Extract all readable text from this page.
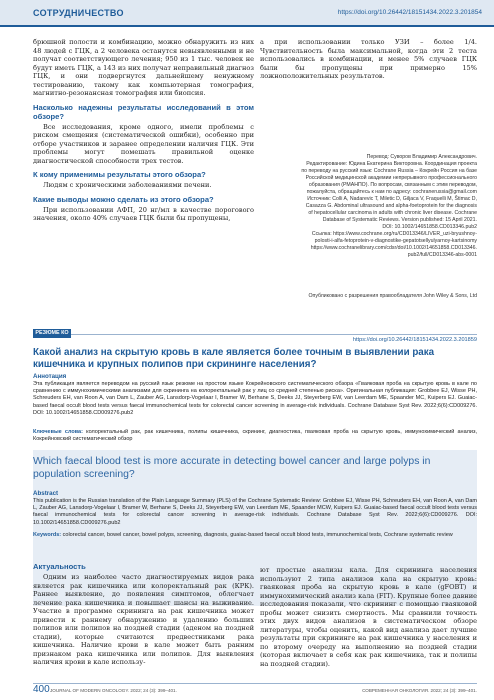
СОТРУДНИЧЕСТВО	https://doi.org/10.26442/18151434.2022.3.201854

брюшной полости и комбинацию, можно обнаружить из них 48 людей с ГЦК, а 2 человека останутся невыявленными и не получат соответствующего лечения; 950 из 1 тыс. человек не будут иметь ГЦК, а 143 из них получат неправильный диагноз ГЦК, и они подвергнутся дальнейшему ненужному тестированию, такому как компьютерная томография, магнитно-резонансная томография или биопсия.

Насколько надежны результаты исследований в этом обзоре?

Все исследования, кроме одного, имели проблемы с риском смещения (систематической ошибки), особенно при отборе участников и заранее определении наличия ГЦК. Эти проблемы могут помешать правильной оценке диагностической способности трех тестов.

К кому применимы результаты этого обзора?

Людям с хроническими заболеваниями печени.

Какие выводы можно сделать из этого обзора?

При использовании АФП, 20 нг/мл в качестве порогового значения, около 40% случаев ГЦК были бы пропущены,

а при использовании только УЗИ – более 1/4. Чувствительность была максимальной, когда эти 2 теста использовались в комбинации, и менее 5% случаев ГЦК были бы пропущены при примерно 15% ложноположительных результатов.

Перевод: Суворов Владимир Александрович.
Редактирование: Юдина Екатерина Викторовна. Координация проекта
по переводу на русский язык: Cochrane Russia – Кокрейн Россия на базе
Российской медицинской академии непрерывного профессионального
образования (РМАНПО). По вопросам, связанным с этим переводом,
пожалуйста, обращайтесь к нам по адресу: cochranerussia@gmail.com
Источник: Colli A, Nadarevic T, Miletic D, Giljaca V, Fraquelli M, Štimac D,
Casazza G. Abdominal ultrasound and alpha-foetoprotein for the diagnosis
of hepatocellular carcinoma in adults with chronic liver disease. Cochrane
Database of Systematic Reviews. Version published: 15 April 2021.
DOI: 10.1002/14651858.CD013346.pub2
Ссылка: https://www.cochrane.org/ru/CD013346/LIVER_uzi-bryushnoy-
polosti-i-alfa-fetoprotein-v-diagnostike-gepatotsellyulyarnoy-kartsinomy
https://www.cochranelibrary.com/cdsr/doi/10.1002/14651858.CD013346.
pub2/full/CD013346-abs-0001
Опубликовано с разрешения правообладателя John Wiley & Sons, Ltd
РЕЗЮМЕ КО
https://doi.org/10.26442/18151434.2022.3.201859
Какой анализ на скрытую кровь в кале является более точным в выявлении рака кишечника и крупных полипов при скрининге населения?
Аннотация
Эта публикация является переводом на русский язык резюме на простом языке Кокрейновского систематического обзора «Гваяковая проба на скрытую кровь в кале по сравнению с иммунохимическими анализами для скрининга на колоректальный рак у лиц со средней степенью риска». Оригинальная публикация: Grobbee EJ, Wisse PH, Schreuders EH, van Roon A, van Dam L, Zauber AG, Lansdorp-Vogelaar I, Bramer W, Berhane S, Deeks JJ, Steyerberg EW, van Leerdam ME, Spaander MC, Kuipers EJ. Guaiac-based faecal occult blood tests versus faecal immunochemical tests for colorectal cancer screening in average-risk individuals. Cochrane Database Syst Rev. 2022;6(6):CD009276. DOI: 10.1002/14651858.CD009276.pub2
Ключевые слова: колоректальный рак, рак кишечника, полипы кишечника, скрининг, диагностика, гваяковая проба на скрытую кровь, иммунохимический анализ, Кокрейновский систематический обзор
Which faecal blood test is more accurate in detecting bowel cancer and large polyps in population screening?
Abstract
This publication is the Russian translation of the Plain Language Summary (PLS) of the Cochrane Systematic Review: Grobbee EJ, Wisse PH, Schreuders EH, van Roon A, van Dam L, Zauber AG, Lansdorp-Vogelaar I, Bramer W, Berhane S, Deeks JJ, Steyerberg EW, van Leerdam ME, Spaander MCW, Kuipers EJ. Guaiac-based faecal occult blood tests versus faecal immunochemical tests for colorectal cancer screening in average-risk individuals. Cochrane Database Syst Rev. 2022;6(6):CD009276. DOI: 10.1002/14651858.CD009276.pub2
Keywords: colorectal cancer, bowel cancer, bowel polyps, screening, diagnosis, guaiac-based faecal occult blood tests, immunochemical tests, Cochrane systematic review
Актуальность

Одним из наиболее часто диагностируемых видов рака является рак кишечника или колоректальный рак (КРК). Раннее выявление, до появления симптомов, облегчает лечение рака кишечника и повышает шансы на выживание. Участие в программе скрининга на рак кишечника может привести к раннему обнаружению и удалению больших полипов или полипов на поздней стадии (аденом на поздней стадии), которые считаются предвестниками рака кишечника. Наличие крови в кале может быть ранним признаком рака кишечника или полипов. Для выявления наличия крови в кале использу-

ют простые анализы кала. Для скрининга населения используют 2 типа анализов кала на скрытую кровь: гваяковая проба на скрытую кровь в кале (gFOBT) и иммунохимический анализ кала (FIT). Крупные более давние исследования показали, что скрининг с помощью гваяковой пробы может снизить смертность. Мы сравнили точность этих двух видов анализов в систематическом обзоре литературы, чтобы оценить, какой вид анализа дает лучшие результаты при скрининге на рак кишечника у населения и по второму очереду на выполнению на поздней стадии (которая включает в себя как рак кишечника, так и полипы на поздней стадии).

400 JOURNAL OF MODERN ONCOLOGY. 2022; 24 (3): 399–401.	СОВРЕМЕННАЯ ОНКОЛОГИЯ. 2022; 24 (3): 399–401.
